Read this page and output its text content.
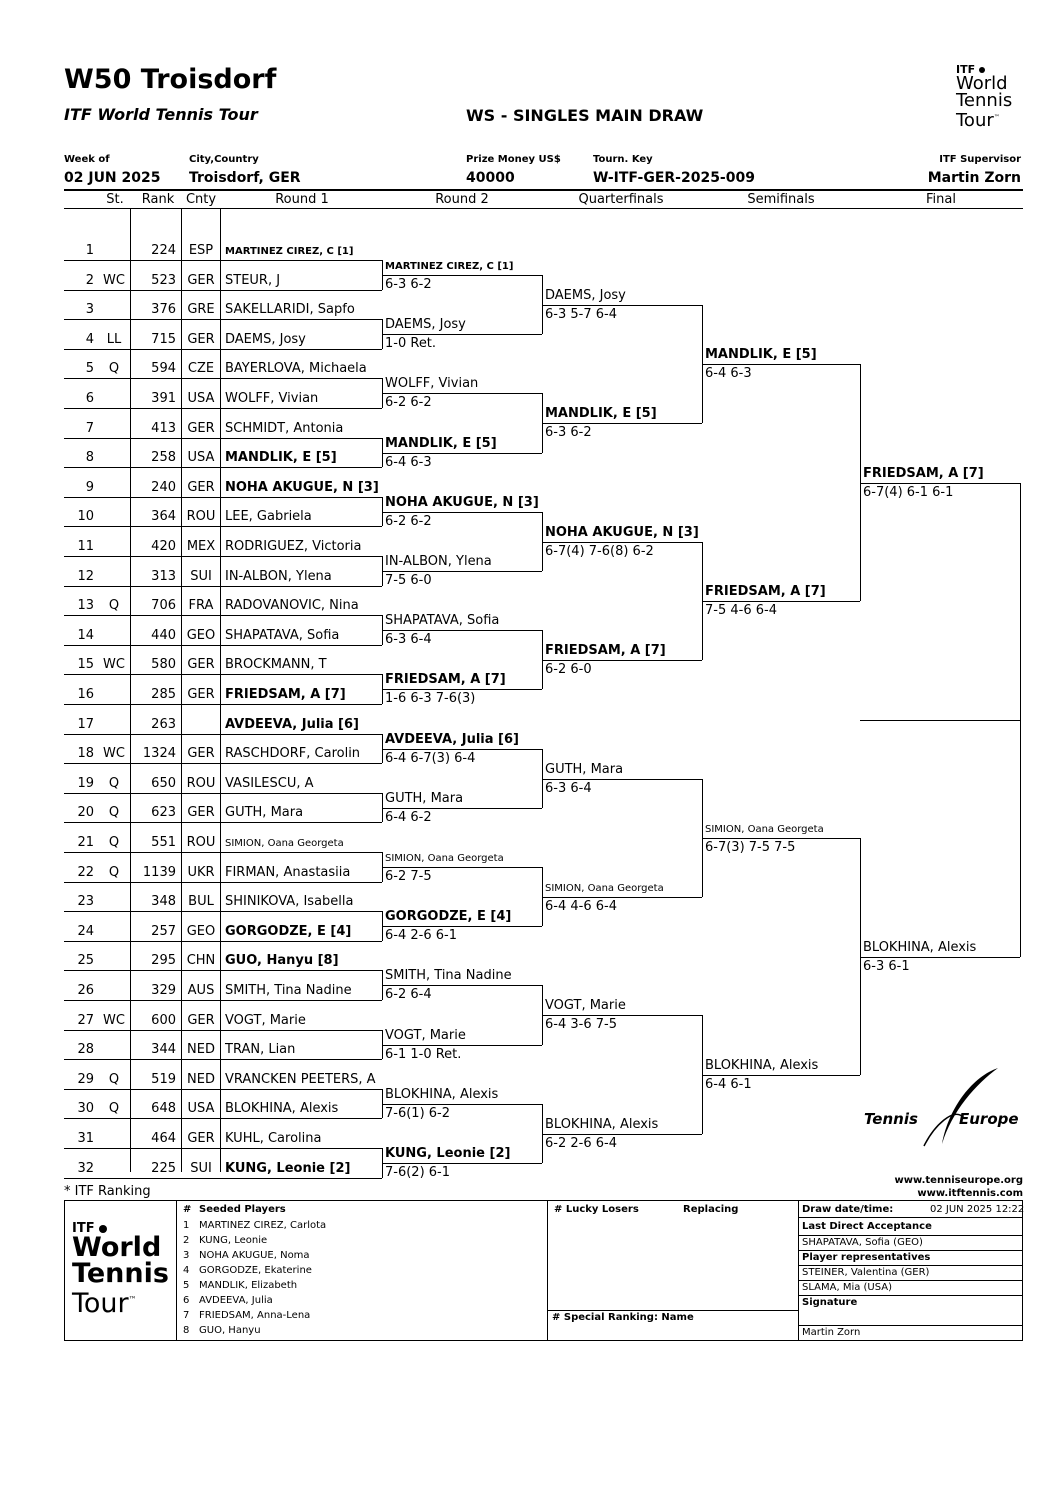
W50 Troisdorf
ITF World Tennis Tour	WS - SINGLES MAIN DRAW
ITF
World
Tennis
Tour™
Week of
02 JUN 2025
City,Country
Troisdorf, GER
Prize Money US$
40000
Tourn. Key
W-ITF-GER-2025-009
ITF Supervisor
Martin Zorn
St.	Rank Cnty	Round 1	Round 2	Quarterfinals	Semifinals	Final
1	224 ESP	MARTINEZ CIREZ, C [1]
2 WC	523 GER STEUR, J
3	376 GRE SAKELLARIDI, Sapfo
4 LL	715 GER DAEMS, Josy
5	Q	594 CZE BAYERLOVA, Michaela
6	391 USA WOLFF, Vivian
7	413 GER SCHMIDT, Antonia
8	258 USA MANDLIK, E [5]
9	240 GER NOHA AKUGUE, N [3]
10	364 ROU LEE, Gabriela
11	420 MEX RODRIGUEZ, Victoria
12	313	SUI	IN-ALBON, Ylena
13	Q	706 FRA RADOVANOVIC, Nina
14	440 GEO SHAPATAVA, Sofia
15 WC	580 GER BROCKMANN, T
16	285 GER FRIEDSAM, A [7]
17	263	AVDEEVA, Julia [6]
18 WC	1324 GER RASCHDORF, Carolin
19	Q	650 ROU VASILESCU, A
20	Q	623 GER GUTH, Mara
21	Q	551 ROU SIMION, Oana Georgeta
22	Q	1139 UKR FIRMAN, Anastasiia
23	348 BUL SHINIKOVA, Isabella
24	257 GEO GORGODZE, E [4]
25	295 CHN GUO, Hanyu [8]
26	329 AUS SMITH, Tina Nadine
27 WC	600 GER VOGT, Marie
28	344 NED TRAN, Lian
29	Q	519 NED VRANCKEN PEETERS, A
30	Q	648 USA BLOKHINA, Alexis
31	464 GER KUHL, Carolina
32	225	SUI	KUNG, Leonie [2]
MARTINEZ CIREZ, C [1]
6-3 6-2
DAEMS, Josy
1-0 Ret.
WOLFF, Vivian
6-2 6-2
MANDLIK, E [5]
6-4 6-3
NOHA AKUGUE, N [3]
6-2 6-2
IN-ALBON, Ylena
7-5 6-0
SHAPATAVA, Sofia
6-3 6-4
FRIEDSAM, A [7]
1-6 6-3 7-6(3)
AVDEEVA, Julia [6]
6-4 6-7(3) 6-4
GUTH, Mara
6-4 6-2
SIMION, Oana Georgeta
6-2 7-5
GORGODZE, E [4]
6-4 2-6 6-1
SMITH, Tina Nadine
6-2 6-4
VOGT, Marie
6-1 1-0 Ret.
BLOKHINA, Alexis
7-6(1) 6-2
KUNG, Leonie [2]
7-6(2) 6-1
DAEMS, Josy
6-3 5-7 6-4
MANDLIK, E [5]
6-3 6-2
NOHA AKUGUE, N [3]
6-7(4) 7-6(8) 6-2
FRIEDSAM, A [7]
6-2 6-0
GUTH, Mara
6-3 6-4
SIMION, Oana Georgeta
6-4 4-6 6-4
VOGT, Marie
6-4 3-6 7-5
BLOKHINA, Alexis
6-2 2-6 6-4
MANDLIK, E [5]
6-4 6-3
FRIEDSAM, A [7]
7-5 4-6 6-4
SIMION, Oana Georgeta
6-7(3) 7-5 7-5
BLOKHINA, Alexis
6-4 6-1
FRIEDSAM, A [7]
6-7(4) 6-1 6-1
BLOKHINA, Alexis
6-3 6-1
Tennis	Europe
www.tenniseurope.org
www.itftennis.com
* ITF Ranking
ITF
World
Tennis
Tour™
# Seeded Players
1 MARTINEZ CIREZ, Carlota
2 KUNG, Leonie
3 NOHA AKUGUE, Noma
4 GORGODZE, Ekaterine
5 MANDLIK, Elizabeth
6 AVDEEVA, Julia
7 FRIEDSAM, Anna-Lena
8 GUO, Hanyu
# Lucky Losers	Replacing
# Special Ranking: Name
Draw date/time:	02 JUN 2025 12:22
Last Direct Acceptance
SHAPATAVA, Sofia (GEO)
Player representatives
STEINER, Valentina (GER)
SLAMA, Mia (USA)
Signature
Martin Zorn
